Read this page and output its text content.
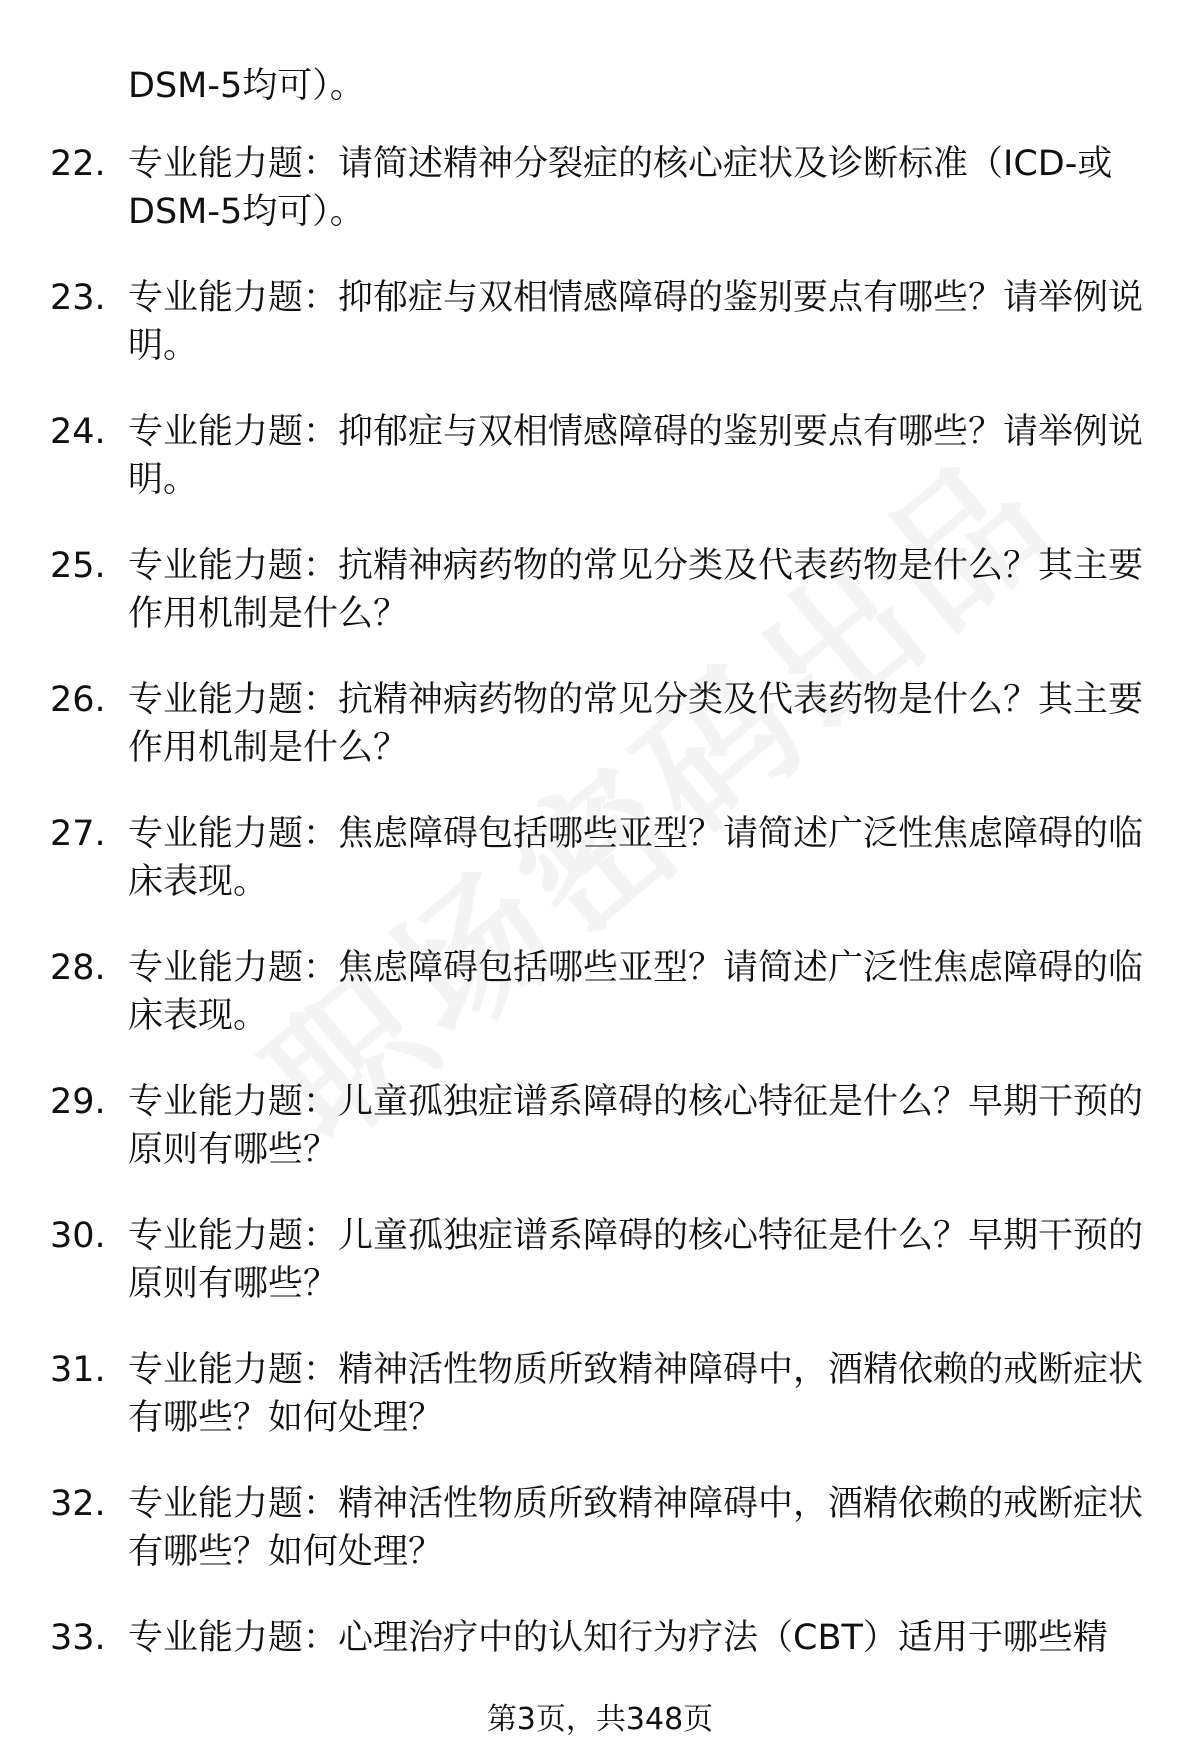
DSM-5均可）。
22. 专业能力题：请简述精神分裂症的核心症状及诊断标准（ICD-或DSM-5均可）。
23. 专业能力题：抑郁症与双相情感障碍的鉴别要点有哪些？请举例说明。
24. 专业能力题：抑郁症与双相情感障碍的鉴别要点有哪些？请举例说明。
25. 专业能力题：抗精神病药物的常见分类及代表药物是什么？其主要作用机制是什么？
26. 专业能力题：抗精神病药物的常见分类及代表药物是什么？其主要作用机制是什么？
27. 专业能力题：焦虑障碍包括哪些亚型？请简述广泛性焦虑障碍的临床表现。
28. 专业能力题：焦虑障碍包括哪些亚型？请简述广泛性焦虑障碍的临床表现。
29. 专业能力题：儿童孤独症谱系障碍的核心特征是什么？早期干预的原则有哪些？
30. 专业能力题：儿童孤独症谱系障碍的核心特征是什么？早期干预的原则有哪些？
31. 专业能力题：精神活性物质所致精神障碍中，酒精依赖的戒断症状有哪些？如何处理？
32. 专业能力题：精神活性物质所致精神障碍中，酒精依赖的戒断症状有哪些？如何处理？
33. 专业能力题：心理治疗中的认知行为疗法（CBT）适用于哪些精
第3页，共348页
